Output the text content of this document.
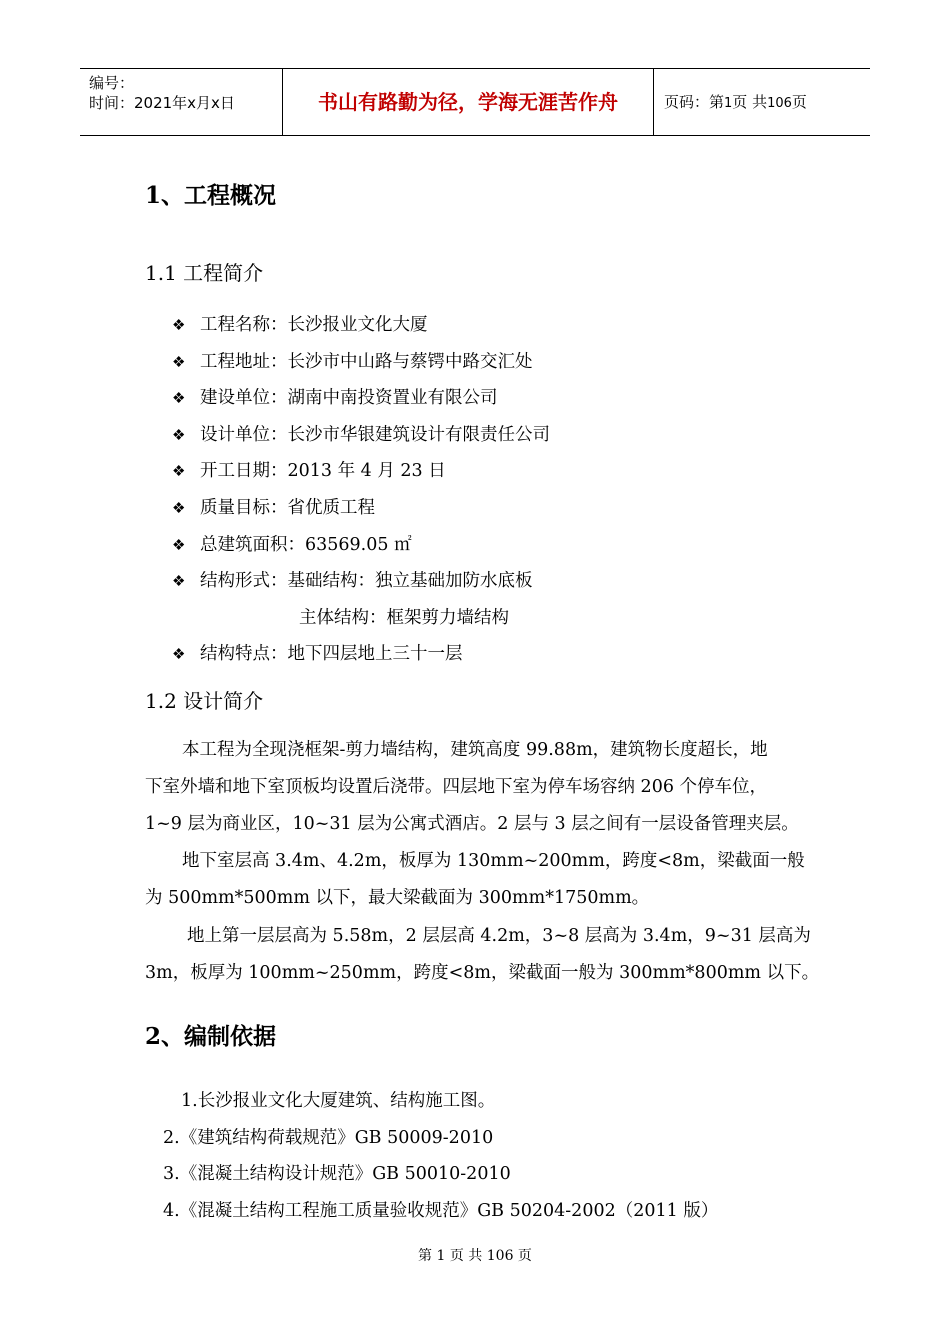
编号：
时间：2021年x月x日	书山有路勤为径，学海无涯苦作舟	页码：第1页 共106页
1、工程概况
1.1 工程简介
❖ 工程名称：长沙报业文化大厦
❖ 工程地址：长沙市中山路与蔡锷中路交汇处
❖ 建设单位：湖南中南投资置业有限公司
❖ 设计单位：长沙市华银建筑设计有限责任公司
❖ 开工日期：2013 年 4 月 23 日
❖ 质量目标：省优质工程
❖ 总建筑面积：63569.05 ㎡
❖ 结构形式：基础结构：独立基础加防水底板
主体结构：框架剪力墙结构
❖ 结构特点：地下四层地上三十一层
1.2 设计简介

本工程为全现浇框架-剪力墙结构，建筑高度 99.88m，建筑物长度超长，地
下室外墙和地下室顶板均设置后浇带。四层地下室为停车场容纳 206 个停车位，
1~9 层为商业区，10~31 层为公寓式酒店。2 层与 3 层之间有一层设备管理夹层。

地下室层高 3.4m、4.2m，板厚为 130mm~200mm，跨度<8m，梁截面一般
为 500mm*500mm 以下，最大梁截面为 300mm*1750mm。

地上第一层层高为 5.58m，2 层层高 4.2m，3~8 层高为 3.4m，9~31 层高为
3m，板厚为 100mm~250mm，跨度<8m，梁截面一般为 300mm*800mm 以下。

2、编制依据
1.长沙报业文化大厦建筑、结构施工图。
2.《建筑结构荷载规范》GB 50009-2010
3.《混凝土结构设计规范》GB 50010-2010
4.《混凝土结构工程施工质量验收规范》GB 50204-2002（2011 版）
第 1 页 共 106 页
